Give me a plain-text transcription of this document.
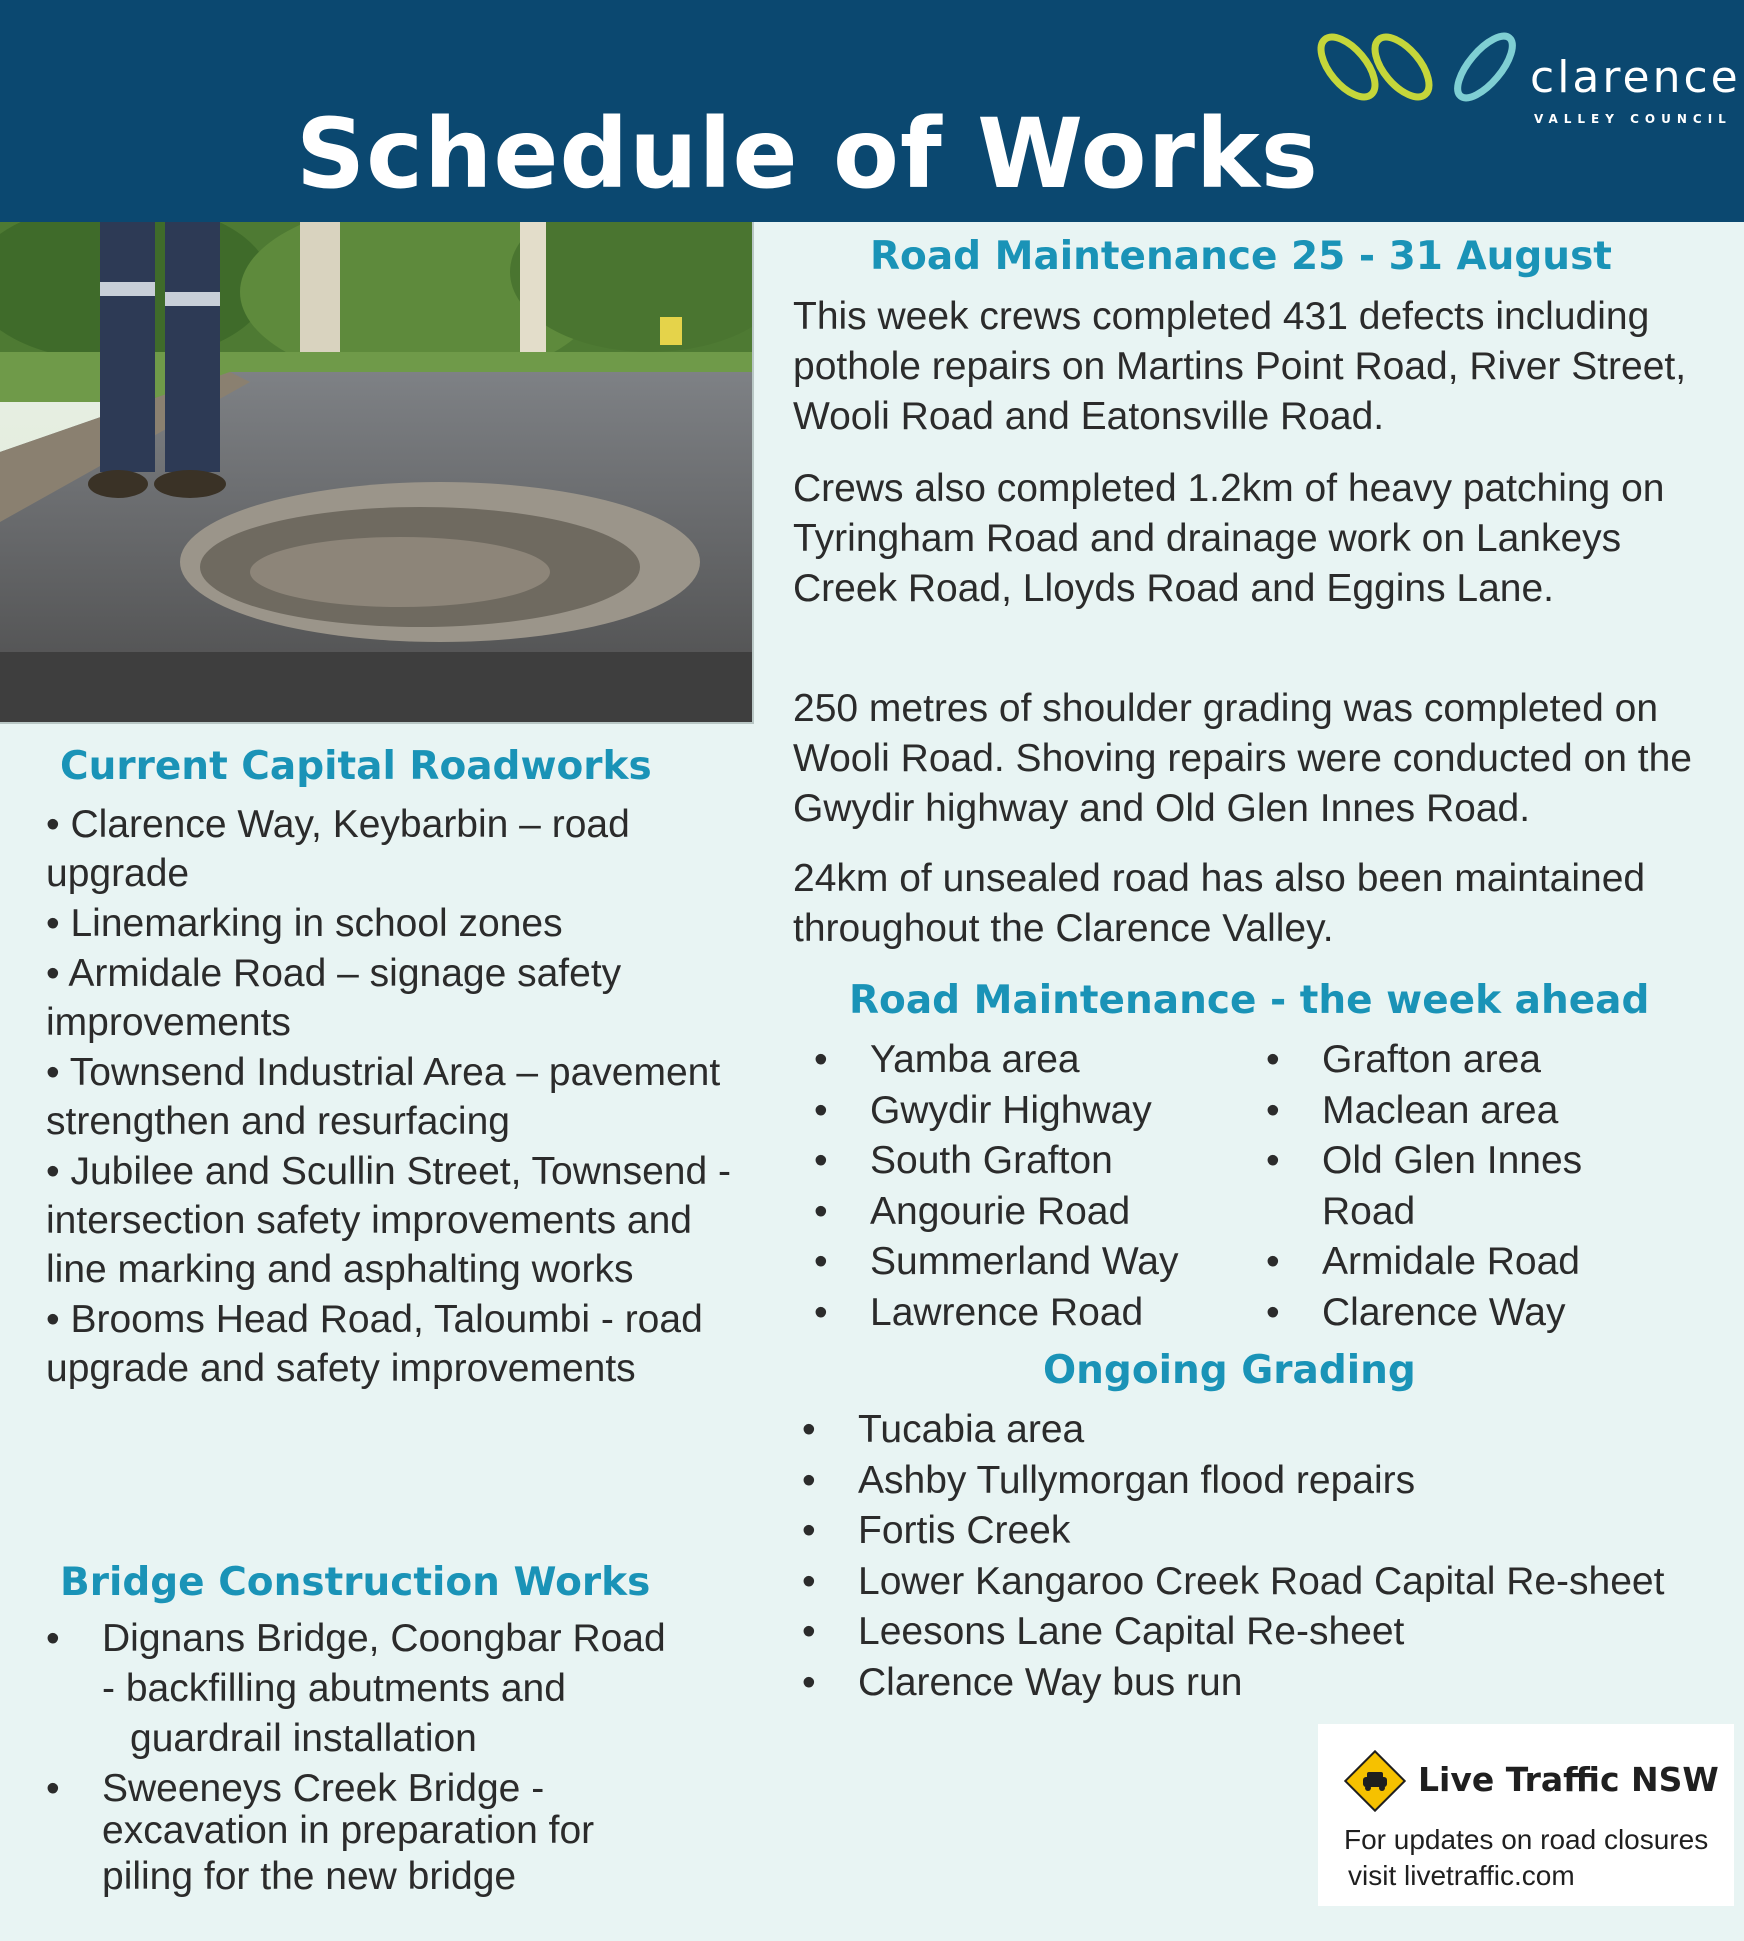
Schedule of Works
clarence
VALLEY COUNCIL
Current Capital Roadworks
• Clarence Way, Keybarbin – road upgrade
• Linemarking in school zones
• Armidale Road – signage safety improvements
• Townsend Industrial Area – pavement strengthen and resurfacing
• Jubilee and Scullin Street, Townsend - intersection safety improvements and line marking and asphalting works
• Brooms Head Road, Taloumbi - road upgrade and safety improvements
Bridge Construction Works
• Dignans Bridge, Coongbar Road
- backfilling abutments and
guardrail installation
• Sweeneys Creek Bridge -
excavation in preparation for
piling for the new bridge
Road Maintenance 25 - 31 August
This week crews completed 431 defects including pothole repairs on Martins Point Road, River Street, Wooli Road and Eatonsville Road.
Crews also completed 1.2km of heavy patching on Tyringham Road and drainage work on Lankeys Creek Road, Lloyds Road and Eggins Lane.
250 metres of shoulder grading was completed on Wooli Road. Shoving repairs were conducted on the Gwydir highway and Old Glen Innes Road.
24km of unsealed road has also been maintained throughout the Clarence Valley.
Road Maintenance - the week ahead
• Yamba area
• Gwydir Highway
• South Grafton
• Angourie Road
• Summerland Way
• Lawrence Road
• Grafton area
• Maclean area
• Old Glen Innes
Road
• Armidale Road
• Clarence Way
Ongoing Grading
• Tucabia area
• Ashby Tullymorgan flood repairs
• Fortis Creek
• Lower Kangaroo Creek Road Capital Re-sheet
• Leesons Lane Capital Re-sheet
• Clarence Way bus run
Live Traffic NSW
For updates on road closures
visit livetraffic.com
